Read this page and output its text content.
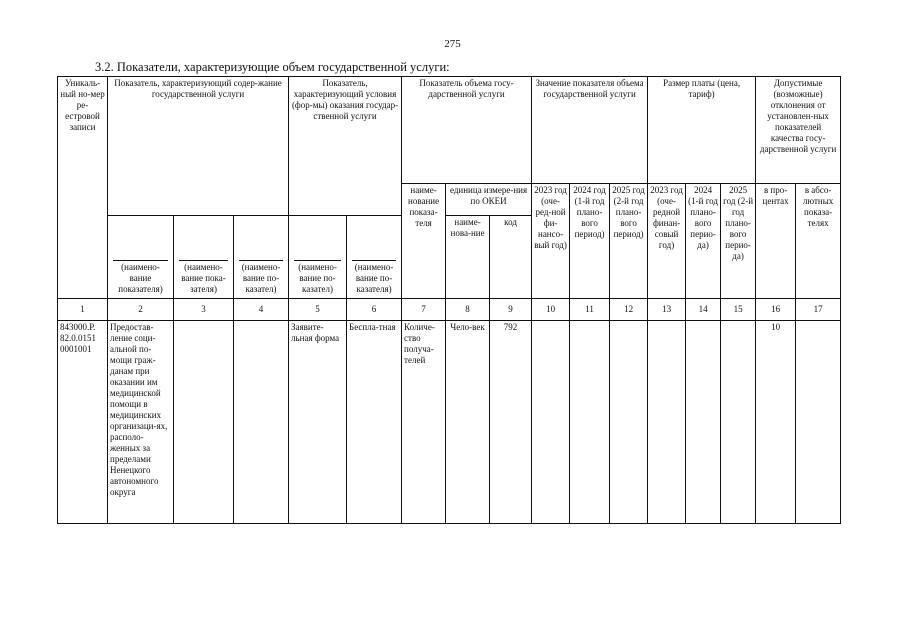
275
3.2. Показатели, характеризующие объем государственной услуги:
Уникаль-ный но-мер ре-естровой записи	Показатель, характеризующий содер-жание государственной услуги			Показатель, характеризующий условия (фор-мы) оказания государ-ственной услуги		Показатель объема госу-дарственной услуги			Значение показателя объема государственной услуги			Размер платы (цена, тариф)			Допустимые (возможные) отклонения от установлен-ных показателей качества госу-дарственной услуги	
						наиме-нование показа-теля	единица измере-ния по ОКЕИ		2023 год (оче-ред-ной фи-нансо-вый год)	2024 год (1-й год плано-вого период)	2025 год (2-й год плано-вого период)	2023 год (оче-редной финан-совый год)	2024 (1-й год плано-вого перио-да)	2025 год (2-й год плано-вого перио-да)	в про-центах	в абсо-лютных показа-телях

	(наимено-вание показателя)	(наимено-вание пока-зателя)	(наимено-вание по-казател)	(наимено-вание по-казател)	(наимено-вание по-казателя)		наиме-нова-ние	код								
1	2	3	4	5	6	7	8	9	10	11	12	13	14	15	16	17
843000.Р. 82.0.0151 0001001	Предостав-ление соци-альной по-мощи граж-данам при оказании им медицинской помощи в медицинских организаци-ях, располо-женных за пределами Ненецкого автономного округа			Заявите-льная форма	Беспла-тная	Количе-ство получа-телей	Чело-век	792							10	
